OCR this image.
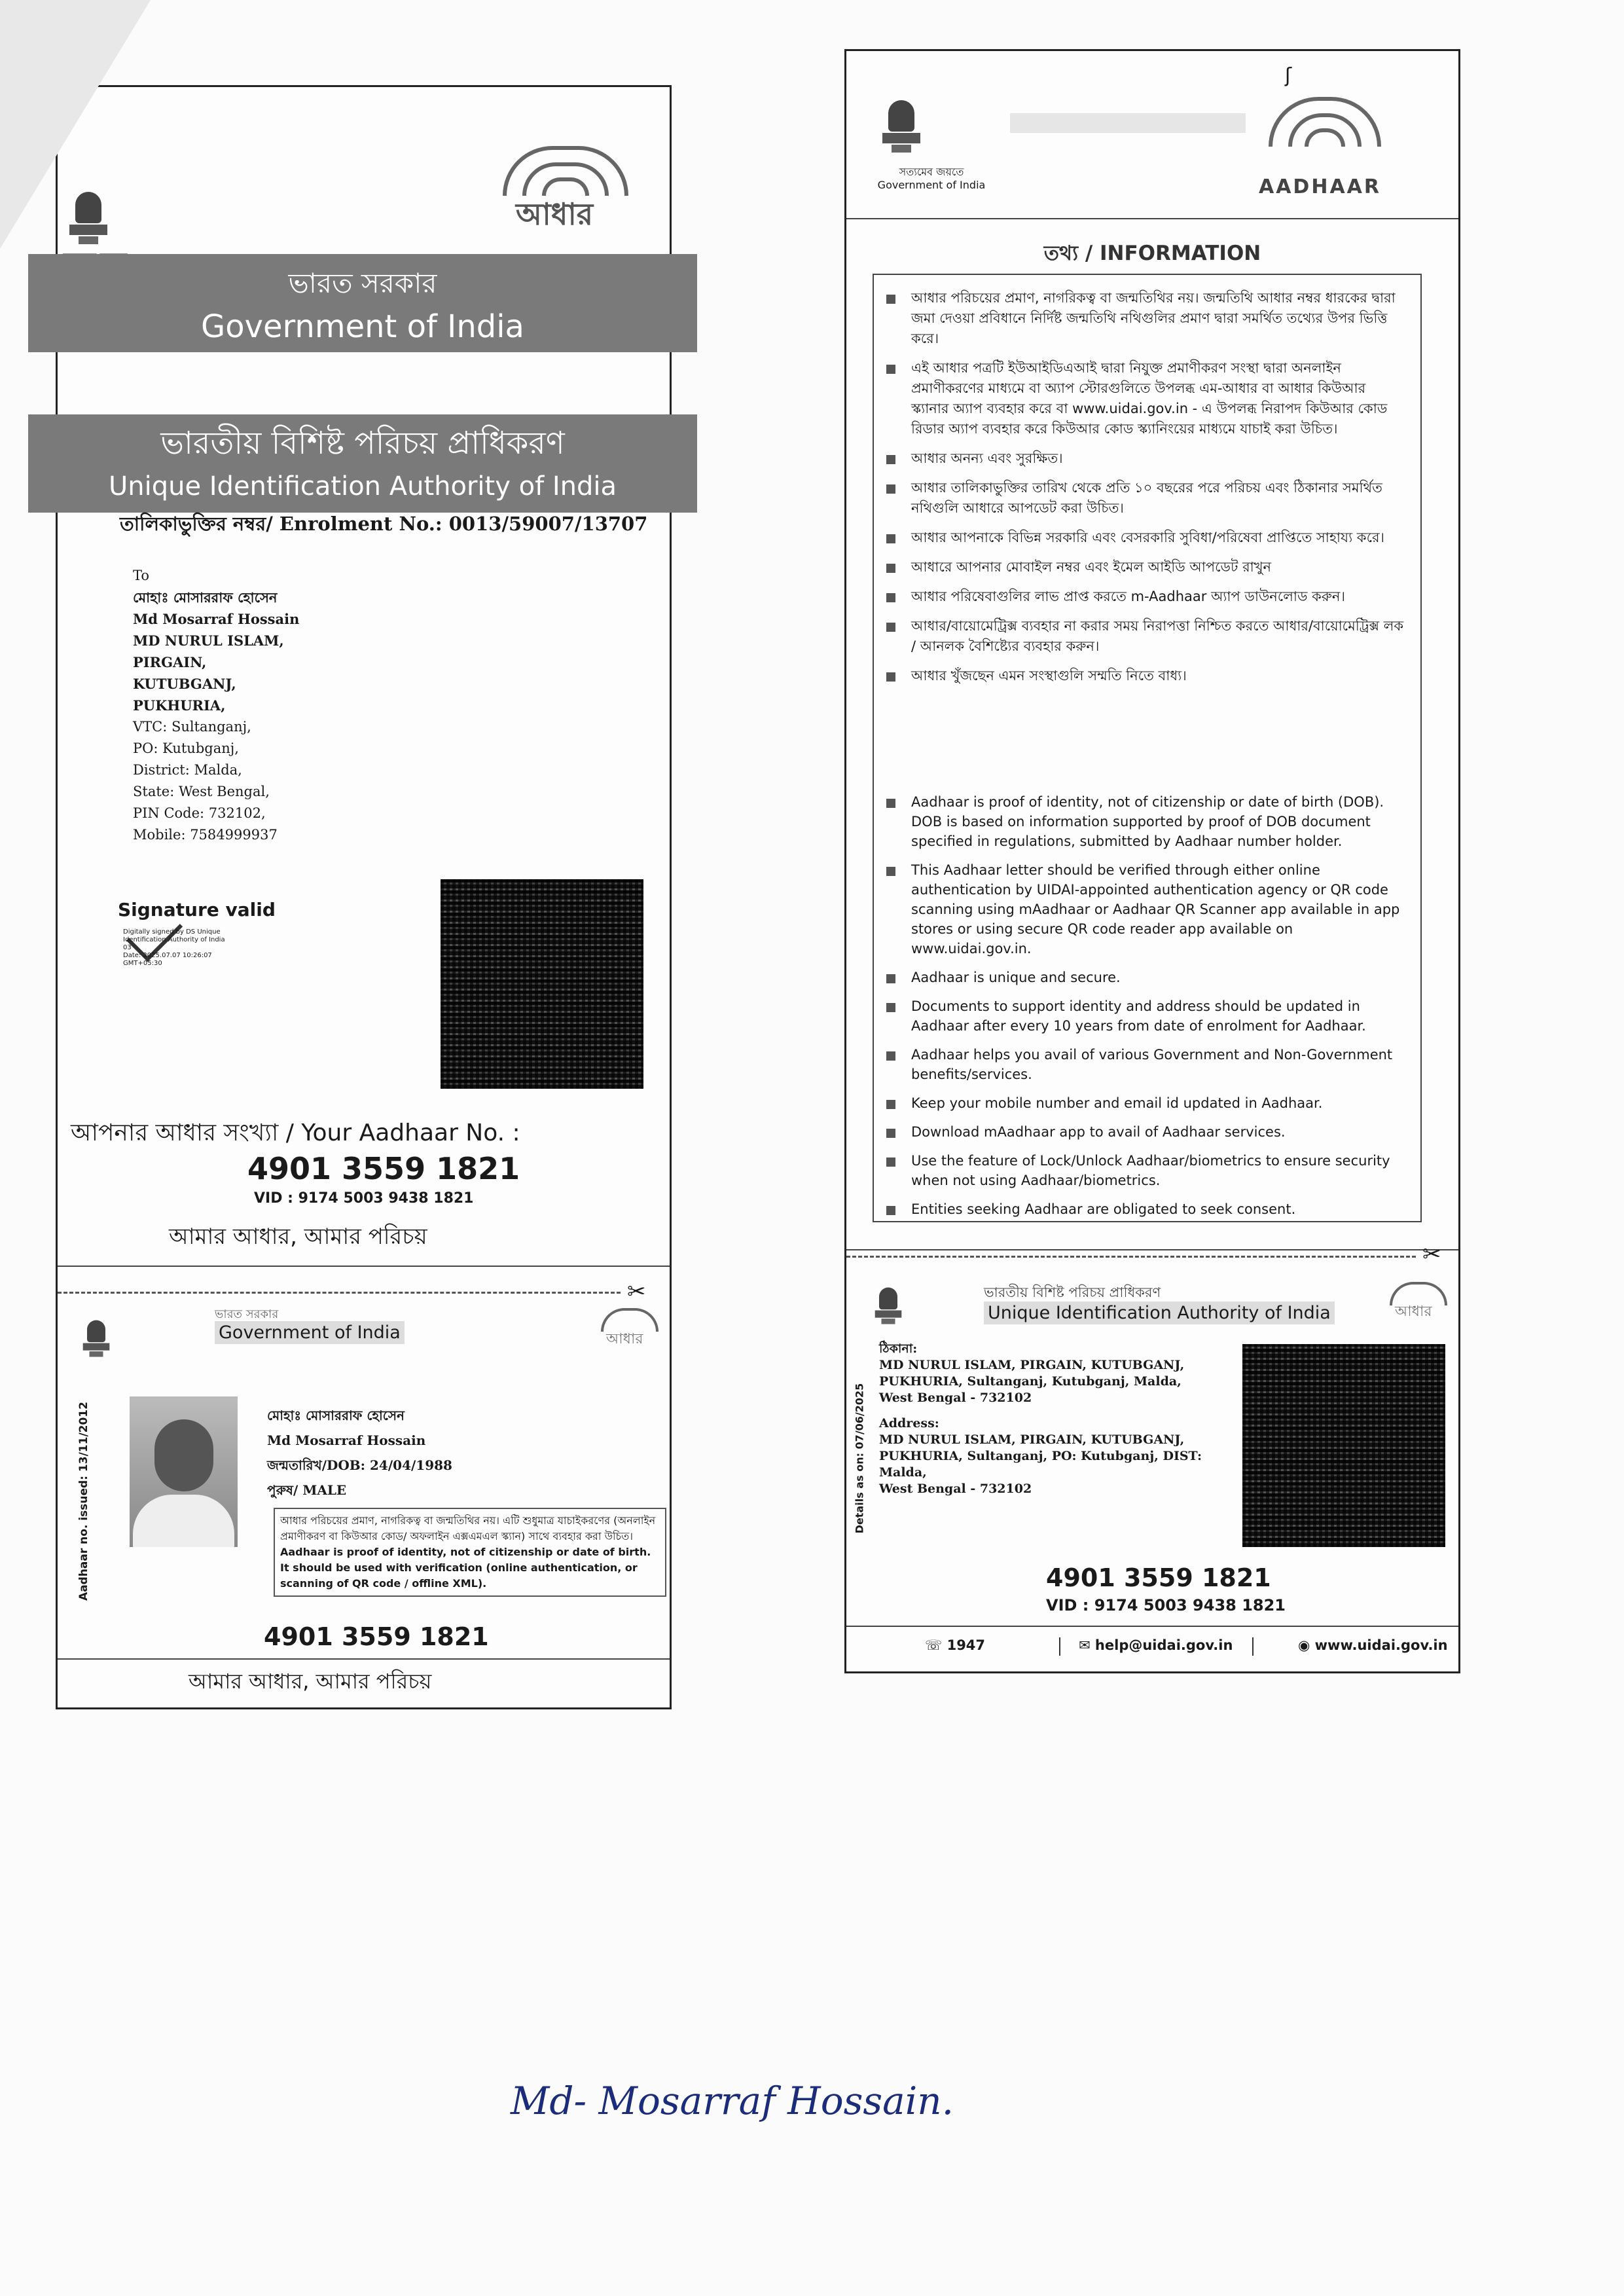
আধার
ভারত সরকার
Government of India
ভারতীয় বিশিষ্ট পরিচয় প্রাধিকরণ
Unique Identification Authority of India
তালিকাভুক্তির নম্বর/ Enrolment No.: 0013/59007/13707
To
মোহাঃ মোসাররাফ হোসেন
Md Mosarraf Hossain
MD NURUL ISLAM,
PIRGAIN,
KUTUBGANJ,
PUKHURIA,
VTC: Sultanganj,
PO: Kutubganj,
District: Malda,
State: West Bengal,
PIN Code: 732102,
Mobile: 7584999937
Signature valid
Digitally signed by DS Unique
Identification Authority of India
03
Date: 2025.07.07 10:26:07
GMT+05:30
আপনার আধার সংখ্যা / Your Aadhaar No. :
4901 3559 1821
VID : 9174 5003 9438 1821
আমার আধার, আমার পরিচয়
✂
ভারত সরকার
Government of India	আধার
Aadhaar no. issued: 13/11/2012	মোহাঃ মোসাররাফ হোসেন
Md Mosarraf Hossain
জন্মতারিখ/DOB: 24/04/1988
পুরুষ/ MALE
আধার পরিচয়ের প্রমাণ, নাগরিকত্ব বা জন্মতিথির নয়। এটি শুধুমাত্র যাচাইকরণের (অনলাইন প্রমাণীকরণ বা কিউআর কোড/ অফলাইন এক্সএমএল স্ক্যান) সাথে ব্যবহার করা উচিত।
Aadhaar is proof of identity, not of citizenship or date of birth. It should be used with verification (online authentication, or scanning of QR code / offline XML).
4901 3559 1821
আমার আধার, আমার পরিচয়
সত্যমেব জয়তে
Government of India
ʃ
AADHAAR
তথ্য / INFORMATION
আধার পরিচয়ের প্রমাণ, নাগরিকত্ব বা জন্মতিথির নয়। জন্মতিথি আধার নম্বর ধারকের দ্বারা জমা দেওয়া প্রবিধানে নির্দিষ্ট জন্মতিথি নথিগুলির প্রমাণ দ্বারা সমর্থিত তথ্যের উপর ভিত্তি করে।
এই আধার পত্রটি ইউআইডিএআই দ্বারা নিযুক্ত প্রমাণীকরণ সংস্থা দ্বারা অনলাইন প্রমাণীকরণের মাধ্যমে বা অ্যাপ স্টোরগুলিতে উপলব্ধ এম-আধার বা আধার কিউআর স্ক্যানার অ্যাপ ব্যবহার করে বা www.uidai.gov.in - এ উপলব্ধ নিরাপদ কিউআর কোড রিডার অ্যাপ ব্যবহার করে কিউআর কোড স্ক্যানিংয়ের মাধ্যমে যাচাই করা উচিত।
আধার অনন্য এবং সুরক্ষিত।
আধার তালিকাভুক্তির তারিখ থেকে প্রতি ১০ বছরের পরে পরিচয় এবং ঠিকানার সমর্থিত নথিগুলি আধারে আপডেট করা উচিত।
আধার আপনাকে বিভিন্ন সরকারি এবং বেসরকারি সুবিধা/পরিষেবা প্রাপ্তিতে সাহায্য করে।
আধারে আপনার মোবাইল নম্বর এবং ইমেল আইডি আপডেট রাখুন
আধার পরিষেবাগুলির লাভ প্রাপ্ত করতে m-Aadhaar অ্যাপ ডাউনলোড করুন।
আধার/বায়োমেট্রিক্স ব্যবহার না করার সময় নিরাপত্তা নিশ্চিত করতে আধার/বায়োমেট্রিক্স লক / আনলক বৈশিষ্ট্যের ব্যবহার করুন।
আধার খুঁজছেন এমন সংস্থাগুলি সম্মতি নিতে বাধ্য।
Aadhaar is proof of identity, not of citizenship or date of birth (DOB). DOB is based on information supported by proof of DOB document specified in regulations, submitted by Aadhaar number holder.
This Aadhaar letter should be verified through either online authentication by UIDAI-appointed authentication agency or QR code scanning using mAadhaar or Aadhaar QR Scanner app available in app stores or using secure QR code reader app available on www.uidai.gov.in.
Aadhaar is unique and secure.
Documents to support identity and address should be updated in Aadhaar after every 10 years from date of enrolment for Aadhaar.
Aadhaar helps you avail of various Government and Non-Government benefits/services.
Keep your mobile number and email id updated in Aadhaar.
Download mAadhaar app to avail of Aadhaar services.
Use the feature of Lock/Unlock Aadhaar/biometrics to ensure security when not using Aadhaar/biometrics.
Entities seeking Aadhaar are obligated to seek consent.
✂
ভারতীয় বিশিষ্ট পরিচয় প্রাধিকরণ
Unique Identification Authority of India	আধার
Details as on: 07/06/2025
ঠিকানা:
MD NURUL ISLAM, PIRGAIN, KUTUBGANJ,
PUKHURIA, Sultanganj, Kutubganj, Malda,
West Bengal - 732102
Address:
MD NURUL ISLAM, PIRGAIN, KUTUBGANJ,
PUKHURIA, Sultanganj, PO: Kutubganj, DIST:
Malda,
West Bengal - 732102
4901 3559 1821
VID : 9174 5003 9438 1821
☏ 1947	✉ help@uidai.gov.in	◉ www.uidai.gov.in
Md- Mosarraf Hossain.
